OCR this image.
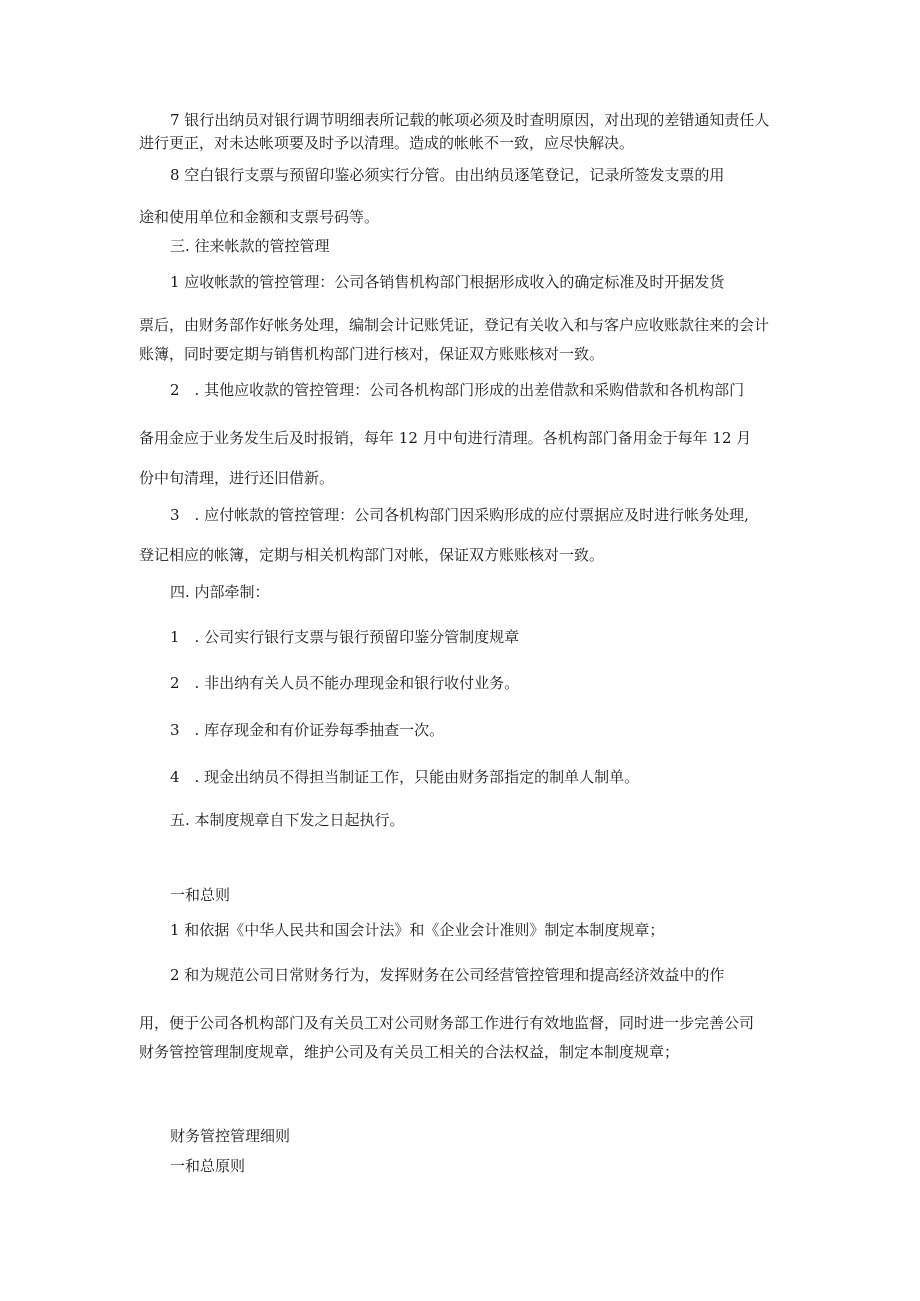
7 银行出纳员对银行调节明细表所记载的帐项必须及时查明原因，对出现的差错通知责任人
进行更正，对未达帐项要及时予以清理。造成的帐帐不一致，应尽快解决。
8 空白银行支票与预留印鉴必须实行分管。由出纳员逐笔登记，记录所签发支票的用
途和使用单位和金额和支票号码等。
三. 往来帐款的管控管理
1 应收帐款的管控管理：公司各销售机构部门根据形成收入的确定标准及时开据发货
票后，由财务部作好帐务处理，编制会计记账凭证，登记有关收入和与客户应收账款往来的会计
账簿，同时要定期与销售机构部门进行核对，保证双方账账核对一致。
2　. 其他应收款的管控管理：公司各机构部门形成的出差借款和采购借款和各机构部门
备用金应于业务发生后及时报销，每年 12 月中旬进行清理。各机构部门备用金于每年 12 月
份中旬清理，进行还旧借新。
3　. 应付帐款的管控管理：公司各机构部门因采购形成的应付票据应及时进行帐务处理,
登记相应的帐簿，定期与相关机构部门对帐，保证双方账账核对一致。
四. 内部牵制：
1　. 公司实行银行支票与银行预留印鉴分管制度规章
2　. 非出纳有关人员不能办理现金和银行收付业务。
3　. 库存现金和有价证券每季抽查一次。
4　. 现金出纳员不得担当制证工作，只能由财务部指定的制单人制单。
五. 本制度规章自下发之日起执行。
一和总则
1 和依据《中华人民共和国会计法》和《企业会计准则》制定本制度规章；
2 和为规范公司日常财务行为，发挥财务在公司经营管控管理和提高经济效益中的作
用，便于公司各机构部门及有关员工对公司财务部工作进行有效地监督，同时进一步完善公司
财务管控管理制度规章，维护公司及有关员工相关的合法权益，制定本制度规章；
财务管控管理细则
一和总原则
